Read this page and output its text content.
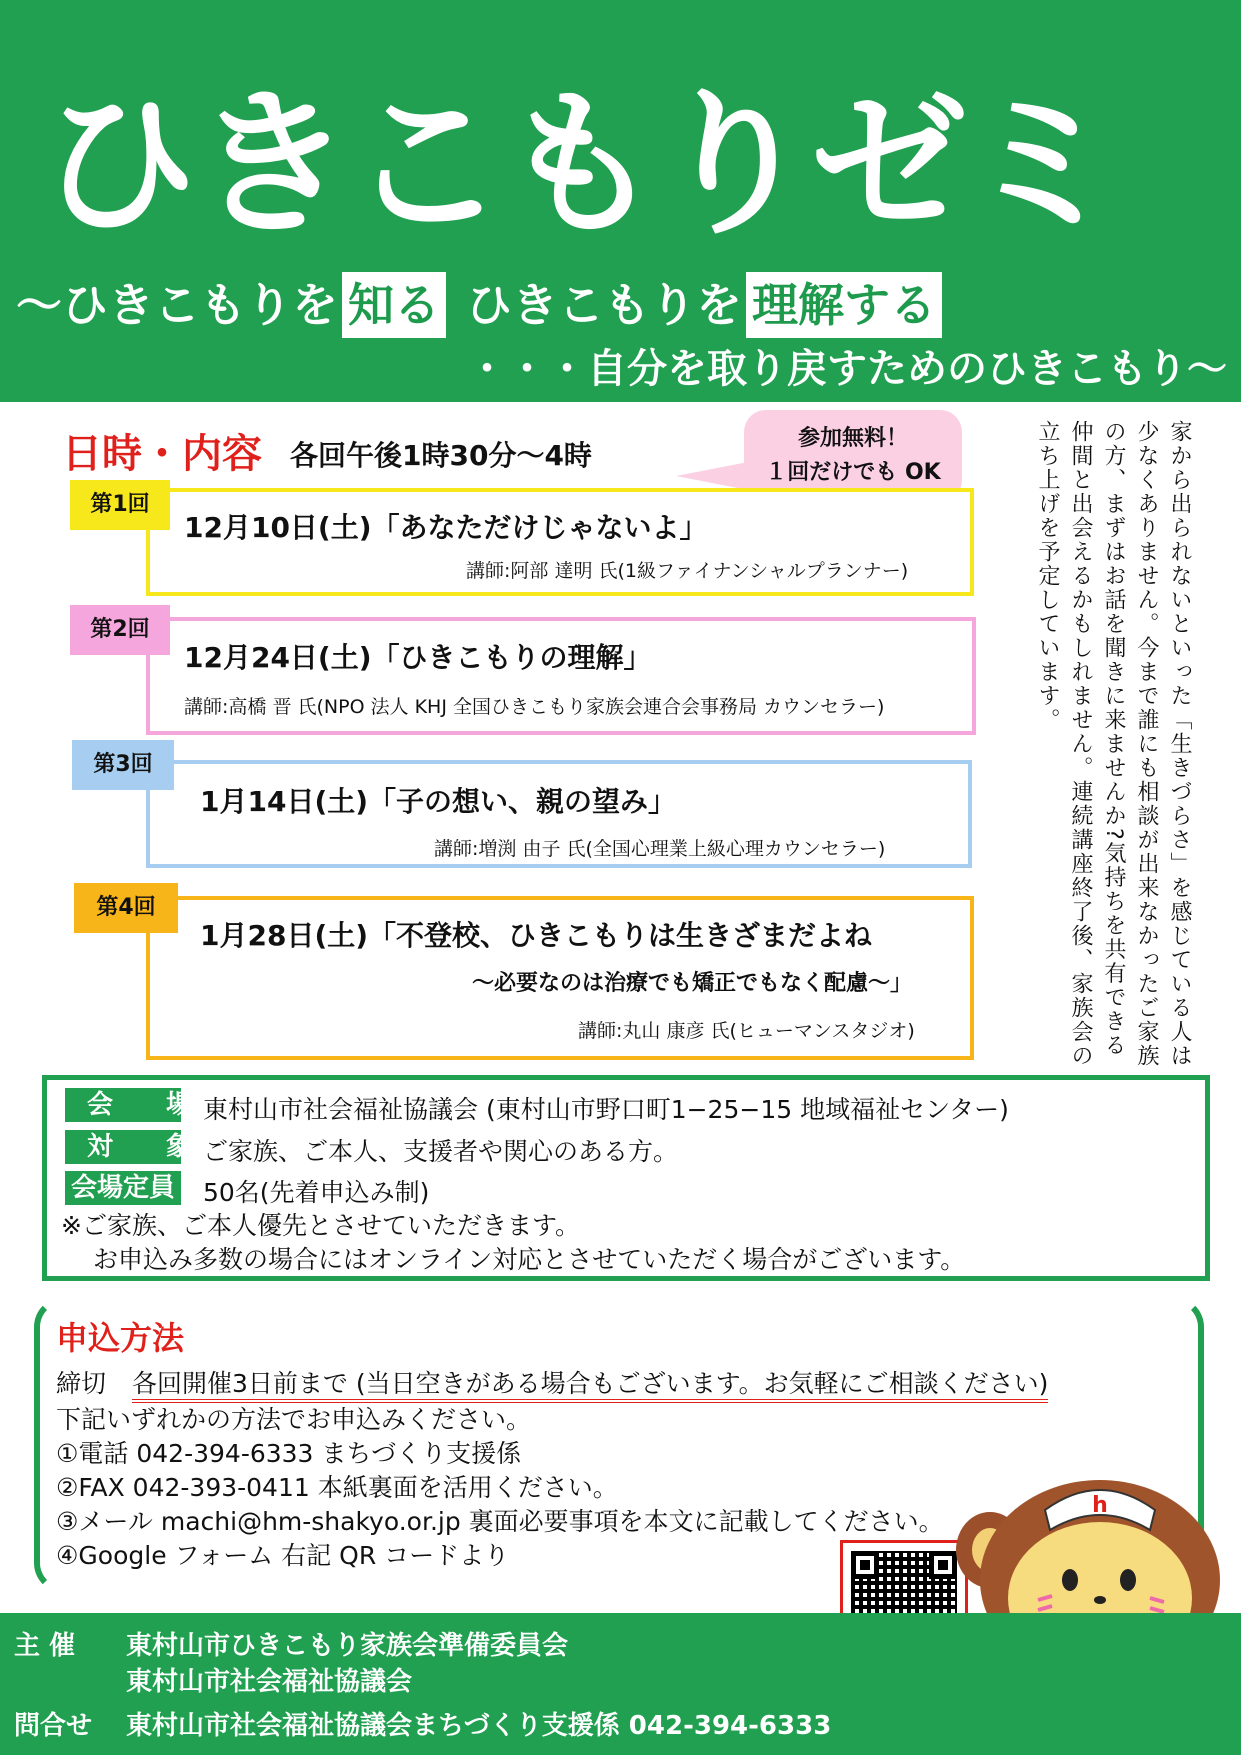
ひきこもりゼミ
〜ひきこもりを 知る ひきこもりを 理解する
・・・自分を取り戻すためのひきこもり〜
日時・内容 各回午後1時30分〜4時
参加無料！
１回だけでも OK
第1回
12月10日(土)「あなただけじゃないよ」
講師:阿部 達明 氏(1級ファイナンシャルプランナー)
第2回
12月24日(土)「ひきこもりの理解」
講師:高橋 晋 氏(NPO 法人 KHJ 全国ひきこもり家族会連合会事務局 カウンセラー)
第3回
1月14日(土)「子の想い、親の望み」
講師:増渕 由子 氏(全国心理業上級心理カウンセラー)
第4回
1月28日(土)「不登校、ひきこもりは生きざまだよね
〜必要なのは治療でも矯正でもなく配慮〜」
講師:丸山 康彦 氏(ヒューマンスタジオ)	家から出られないといった「生きづらさ」を感じている人は少なくありません。今まで誰にも相談が出来なかったご家族の方、まずはお話を聞きに来ませんか?気持ちを共有できる仲間と出会えるかもしれません。連続講座終了後、家族会の立ち上げを予定しています。
会 場
東村山市社会福祉協議会 (東村山市野口町1−25−15 地域福祉センター)
対 象
ご家族、ご本人、支援者や関心のある方。
会場定員 50名(先着申込み制)
※ご家族、ご本人優先とさせていただきます。
お申込み多数の場合にはオンライン対応とさせていただく場合がございます。
申込方法
締切 各回開催3日前まで (当日空きがある場合もございます。お気軽にご相談ください)
下記いずれかの方法でお申込みください。
①電話 042-394-6333 まちづくり支援係
②FAX 042-393-0411 本紙裏面を活用ください。
③メール machi@hm-shakyo.or.jp 裏面必要事項を本文に記載してください。
④Google フォーム 右記 QR コードより
h
主 催 東村山市ひきこもり家族会準備委員会
東村山市社会福祉協議会
問合せ 東村山市社会福祉協議会まちづくり支援係 042-394-6333
